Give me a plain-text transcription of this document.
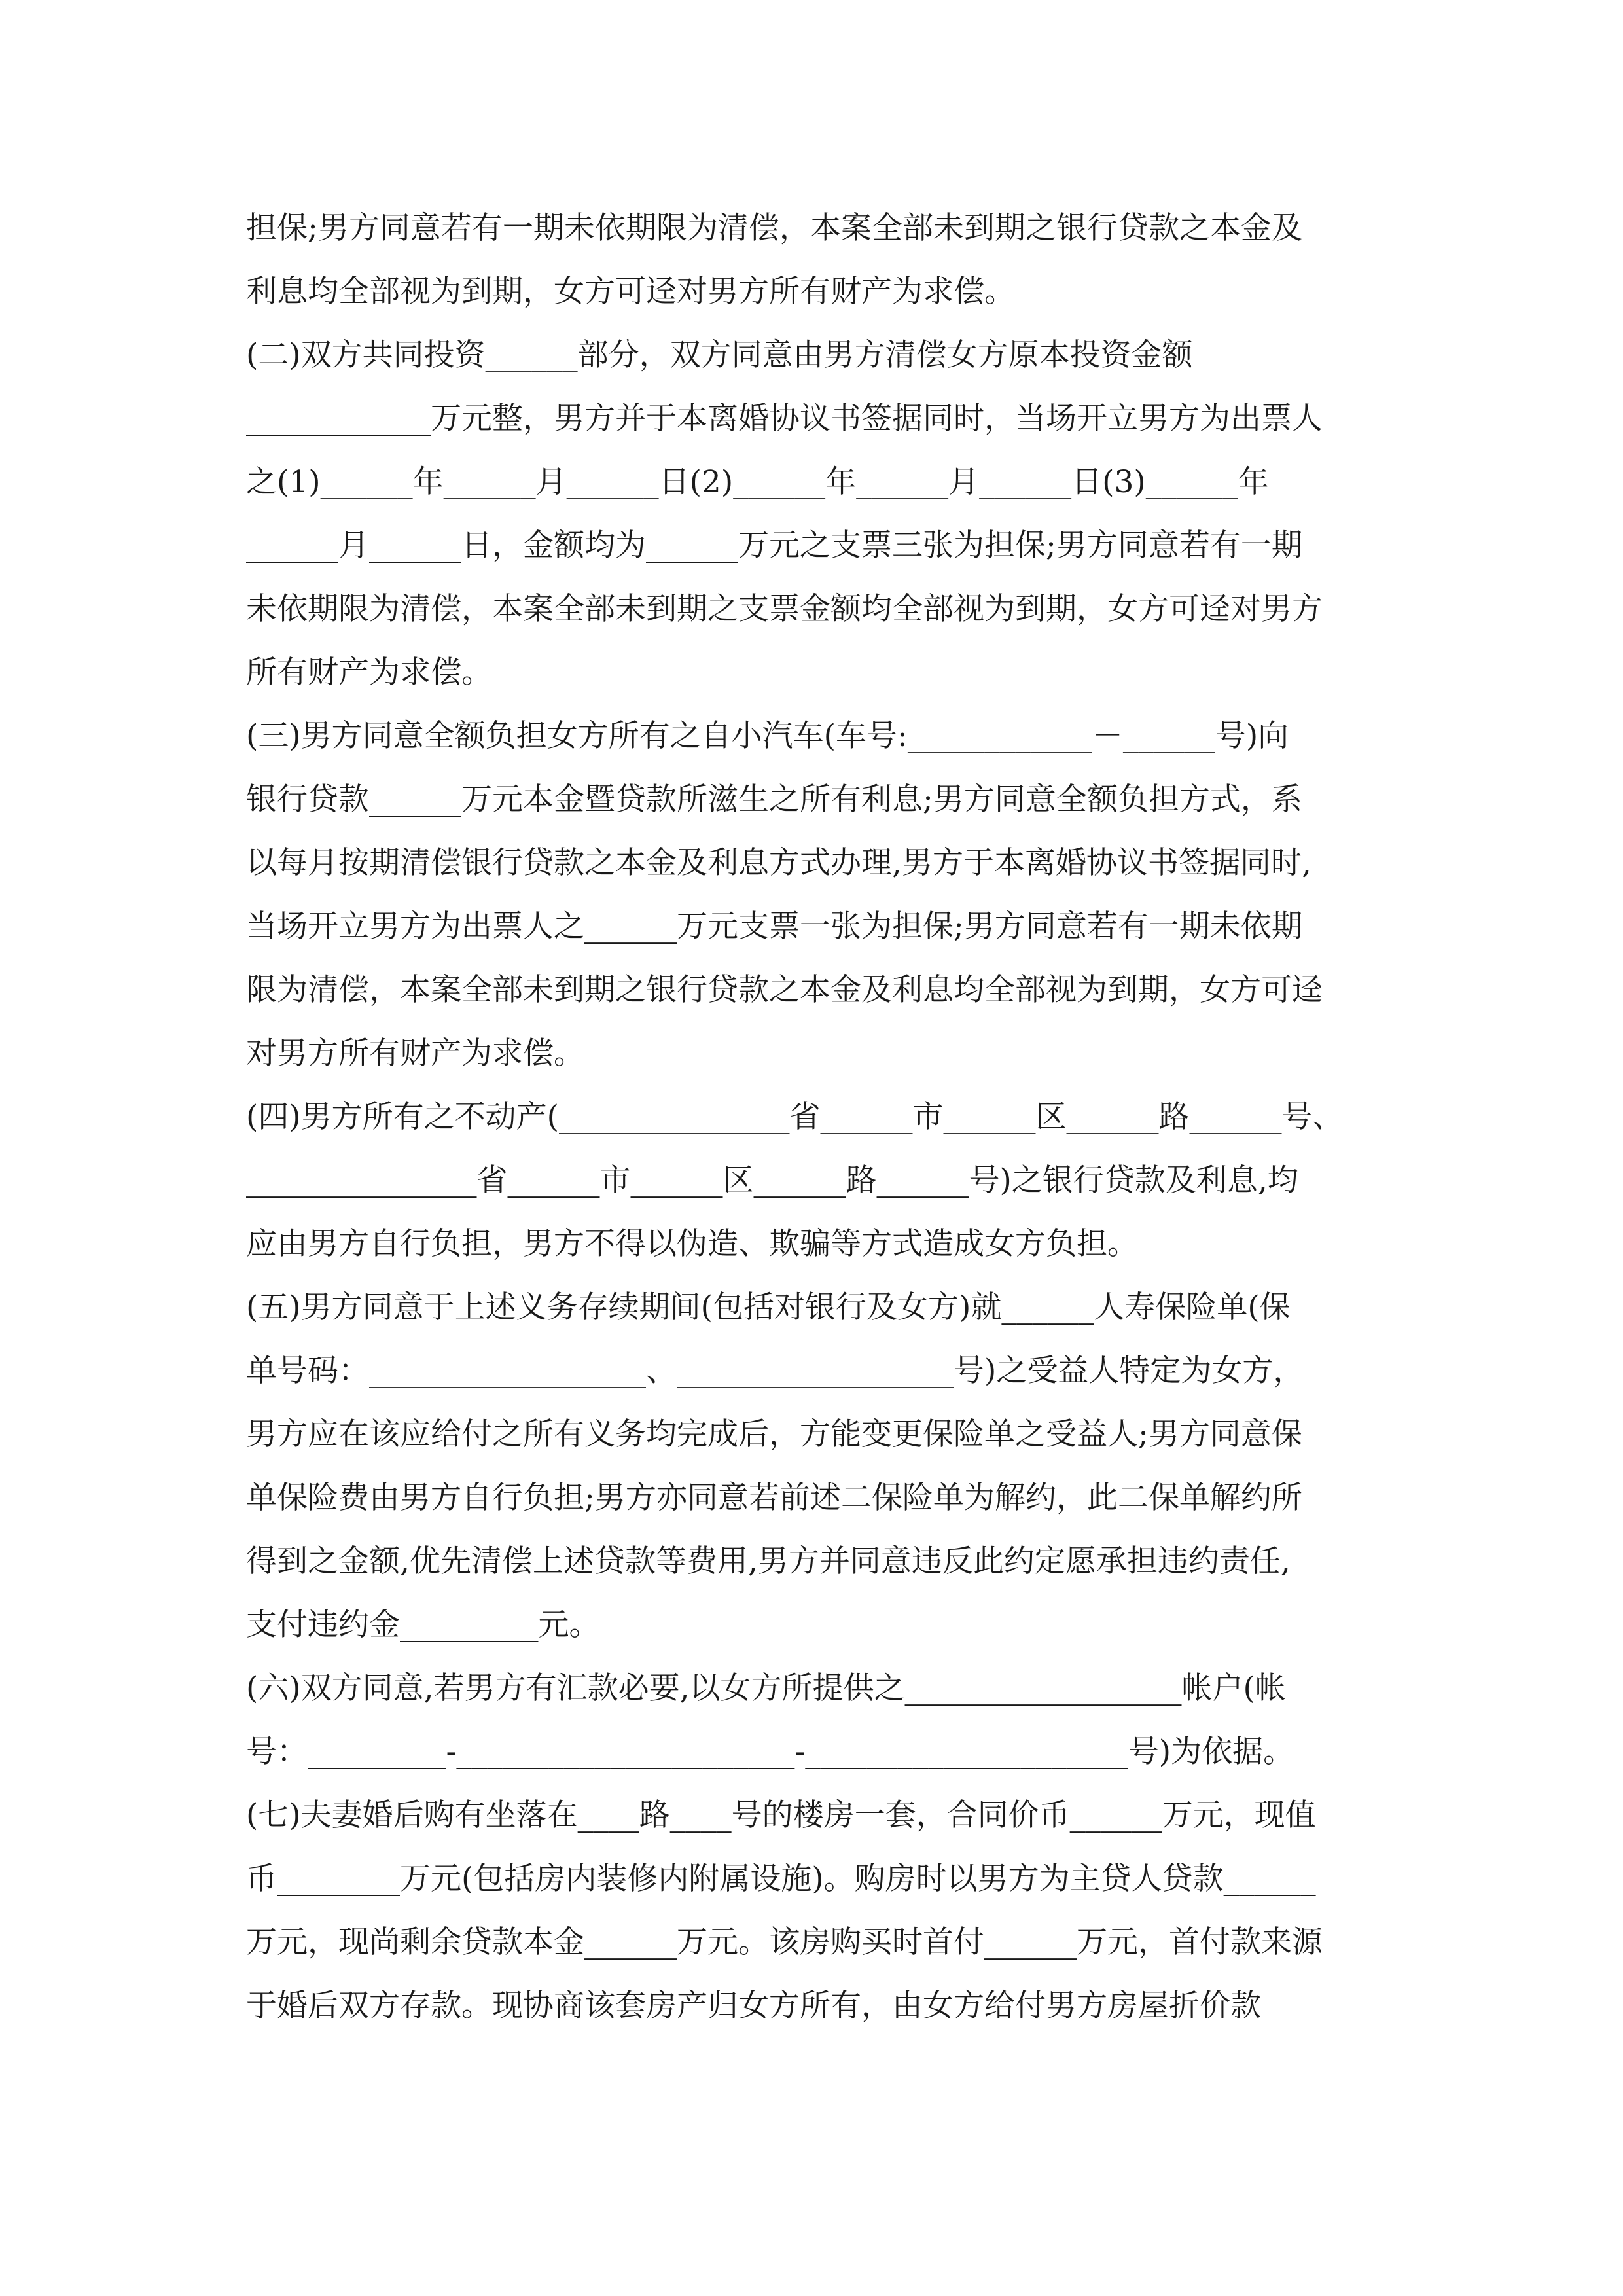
担保;男方同意若有一期未依期限为清偿，本案全部未到期之银行贷款之本金及
利息均全部视为到期，女方可迳对男方所有财产为求偿。
(二)双方共同投资______部分，双方同意由男方清偿女方原本投资金额
____________万元整，男方并于本离婚协议书签据同时，当场开立男方为出票人
之(1)______年______月______日(2)______年______月______日(3)______年
______月______日，金额均为______万元之支票三张为担保;男方同意若有一期
未依期限为清偿，本案全部未到期之支票金额均全部视为到期，女方可迳对男方
所有财产为求偿。
(三)男方同意全额负担女方所有之自小汽车(车号:____________－______号)向
银行贷款______万元本金暨贷款所滋生之所有利息;男方同意全额负担方式，系
以每月按期清偿银行贷款之本金及利息方式办理,男方于本离婚协议书签据同时,
当场开立男方为出票人之______万元支票一张为担保;男方同意若有一期未依期
限为清偿，本案全部未到期之银行贷款之本金及利息均全部视为到期，女方可迳
对男方所有财产为求偿。
(四)男方所有之不动产(_______________省______市______区______路______号、
_______________省______市______区______路______号)之银行贷款及利息,均
应由男方自行负担，男方不得以伪造、欺骗等方式造成女方负担。
(五)男方同意于上述义务存续期间(包括对银行及女方)就______人寿保险单(保
单号码：__________________、__________________号)之受益人特定为女方，
男方应在该应给付之所有义务均完成后，方能变更保险单之受益人;男方同意保
单保险费由男方自行负担;男方亦同意若前述二保险单为解约，此二保单解约所
得到之金额,优先清偿上述贷款等费用,男方并同意违反此约定愿承担违约责任,
支付违约金_________元。
(六)双方同意,若男方有汇款必要,以女方所提供之__________________帐户(帐
号：_________-______________________-_____________________号)为依据。
(七)夫妻婚后购有坐落在____路____号的楼房一套，合同价币______万元，现值
币________万元(包括房内装修内附属设施)。购房时以男方为主贷人贷款______
万元，现尚剩余贷款本金______万元。该房购买时首付______万元，首付款来源
于婚后双方存款。现协商该套房产归女方所有，由女方给付男方房屋折价款
